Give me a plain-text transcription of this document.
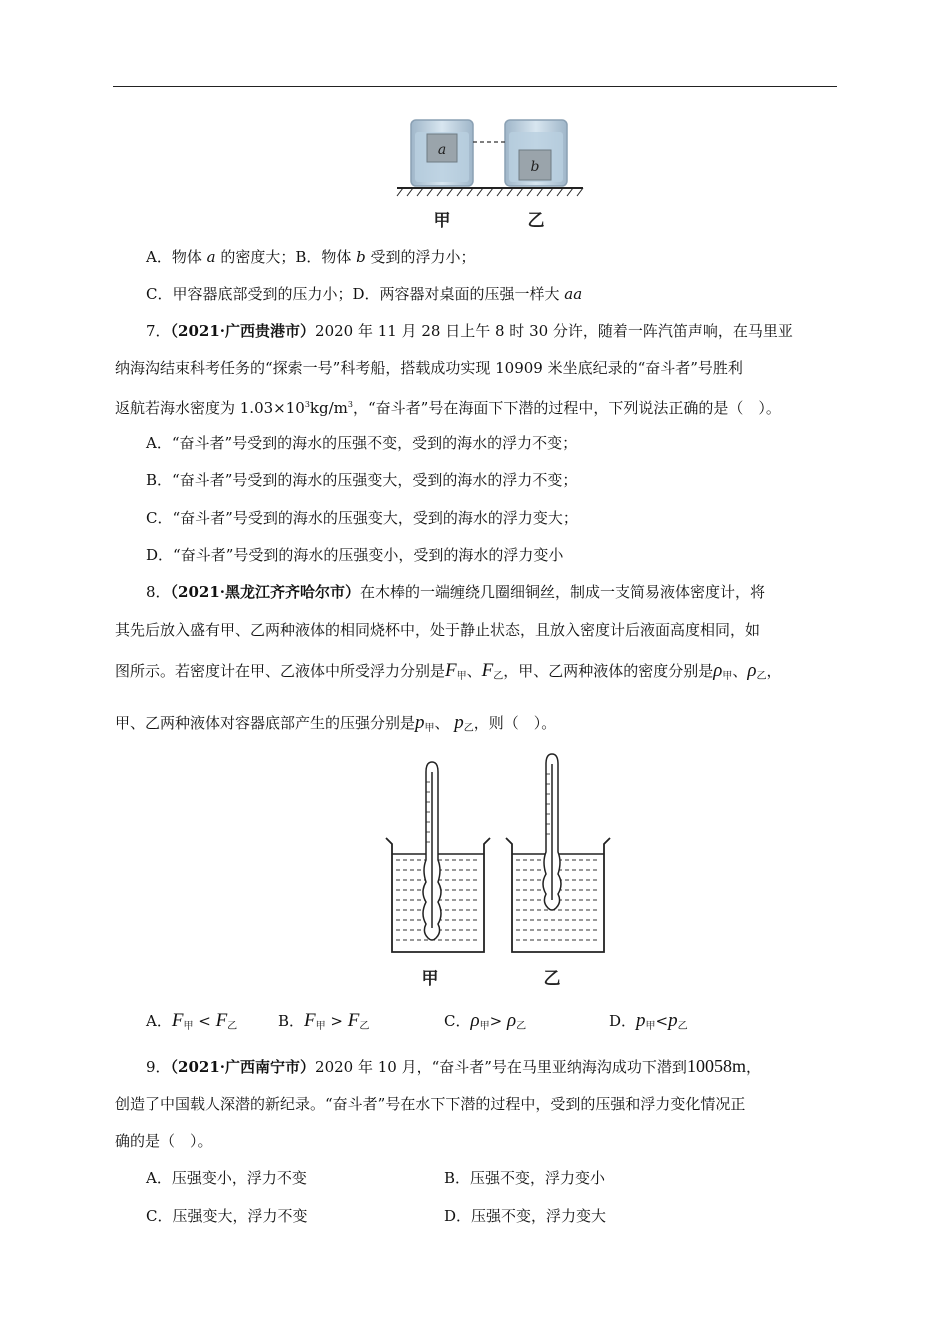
a
b
甲	乙
A．物体 a 的密度大；B．物体 b 受到的浮力小；
C．甲容器底部受到的压力小；D．两容器对桌面的压强一样大 aa
7．（2021·广西贵港市）2020 年 11 月 28 日上午 8 时 30 分许，随着一阵汽笛声响，在马里亚
纳海沟结束科考任务的“探索一号”科考船，搭载成功实现 10909 米坐底纪录的“奋斗者”号胜利
返航若海水密度为 $1.03\times 10^3kg/m^3$，“奋斗者”号在海面下下潜的过程中，下列说法正确的是（　）。
A．“奋斗者”号受到的海水的压强不变，受到的海水的浮力不变；
B．“奋斗者”号受到的海水的压强变大，受到的海水的浮力不变；
C．“奋斗者”号受到的海水的压强变大，受到的海水的浮力变大；
D．“奋斗者”号受到的海水的压强变小，受到的海水的浮力变小
8．（2021·黑龙江齐齐哈尔市）在木棒的一端缠绕几圈细铜丝，制成一支简易液体密度计，将
其先后放入盛有甲、乙两种液体的相同烧杯中，处于静止状态，且放入密度计后液面高度相同，如
图所示。若密度计在甲、乙液体中所受浮力分别是$F_甲$、$F_乙$，甲、乙两种液体的密度分别是$\rho_甲$、$\rho_乙$，
甲、乙两种液体对容器底部产生的压强分别是$p_甲$、 $p_乙$，则（　）。
甲	乙
A．$F_甲 < F_乙$	B．$F_甲 > F_乙$	C．$\rho_甲> \rho_乙$	D．$p_甲<p_乙$
9．（2021·广西南宁市）2020 年 10 月，“奋斗者”号在马里亚纳海沟成功下潜到10058m，
创造了中国载人深潜的新纪录。“奋斗者”号在水下下潜的过程中，受到的压强和浮力变化情况正
确的是（　）。
A．压强变小，浮力不变	B．压强不变，浮力变小
C．压强变大，浮力不变	D．压强不变，浮力变大
